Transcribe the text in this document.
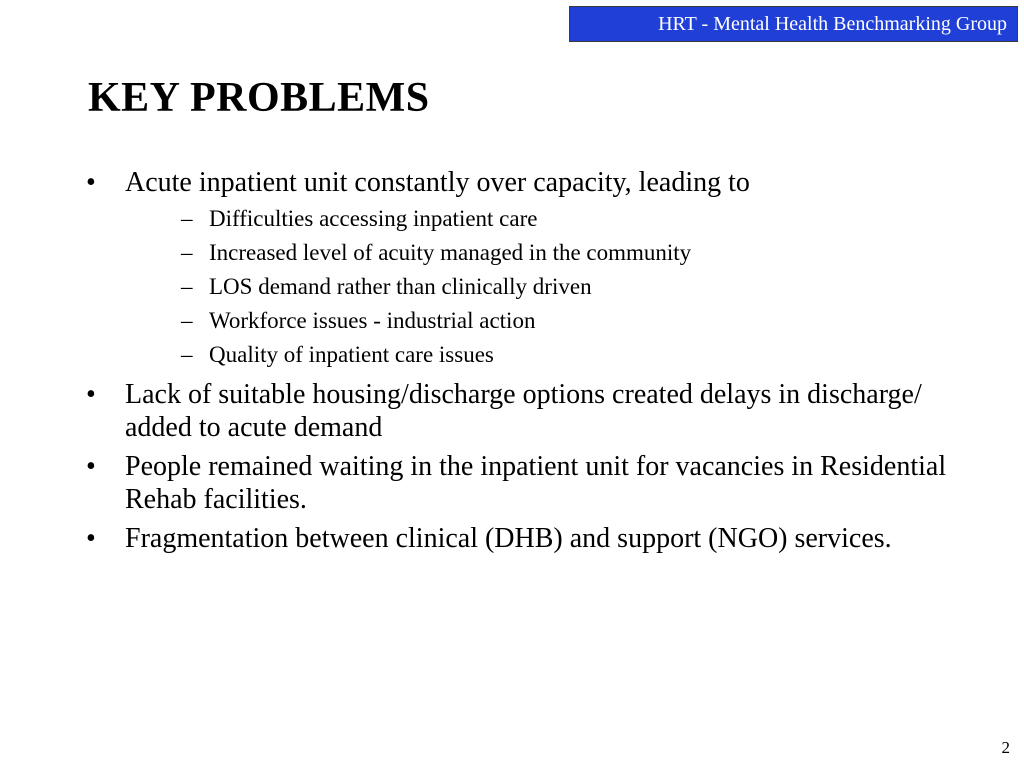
HRT - Mental Health Benchmarking Group
KEY PROBLEMS
•	Acute inpatient unit constantly over capacity, leading to
– Difficulties accessing inpatient care
– Increased level of acuity managed in the community
– LOS demand rather than clinically driven
– Workforce issues - industrial action
– Quality of inpatient care issues
•	Lack of suitable housing/discharge options created delays in discharge/ added to acute demand
•	People remained waiting in the inpatient unit for vacancies in Residential Rehab facilities.
•	Fragmentation between clinical (DHB) and support (NGO) services.
2
